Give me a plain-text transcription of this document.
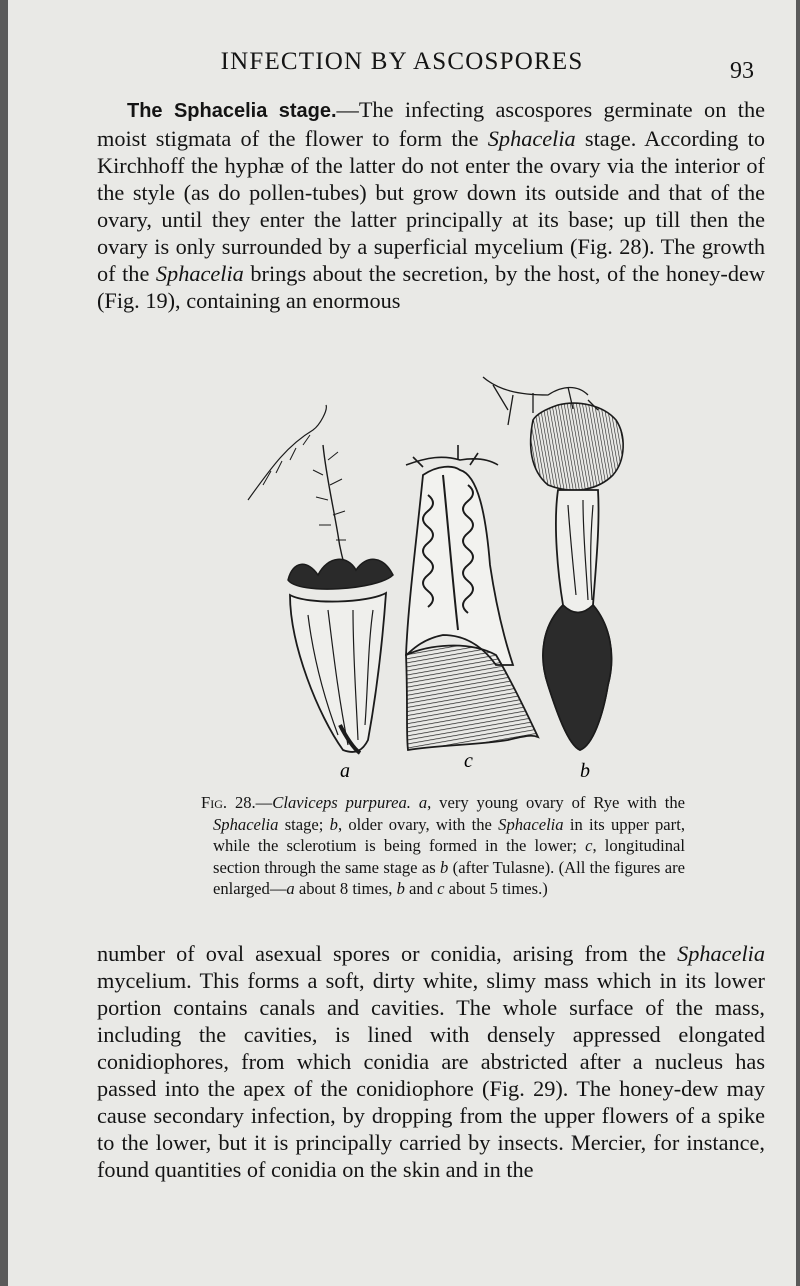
INFECTION BY ASCOSPORES	93

The Sphacelia stage.—The infecting ascospores germinate on the moist stigmata of the flower to form the Sphacelia stage. According to Kirchhoff the hyphæ of the latter do not enter the ovary via the interior of the style (as do pollen-tubes) but grow down its outside and that of the ovary, until they enter the latter principally at its base; up till then the ovary is only surrounded by a superficial mycelium (Fig. 28). The growth of the Sphacelia brings about the secretion, by the host, of the honey-dew (Fig. 19), containing an enormous

a	c	b

Fig. 28.—Claviceps purpurea. a, very young ovary of Rye with the Sphacelia stage; b, older ovary, with the Sphacelia in its upper part, while the sclerotium is being formed in the lower; c, longitudinal section through the same stage as b (after Tulasne). (All the figures are enlarged—a about 8 times, b and c about 5 times.)

number of oval asexual spores or conidia, arising from the Sphacelia mycelium. This forms a soft, dirty white, slimy mass which in its lower portion contains canals and cavities. The whole surface of the mass, including the cavities, is lined with densely appressed elongated conidiophores, from which conidia are abstricted after a nucleus has passed into the apex of the conidiophore (Fig. 29). The honey-dew may cause secondary infection, by dropping from the upper flowers of a spike to the lower, but it is principally carried by insects. Mercier, for instance, found quantities of conidia on the skin and in the
